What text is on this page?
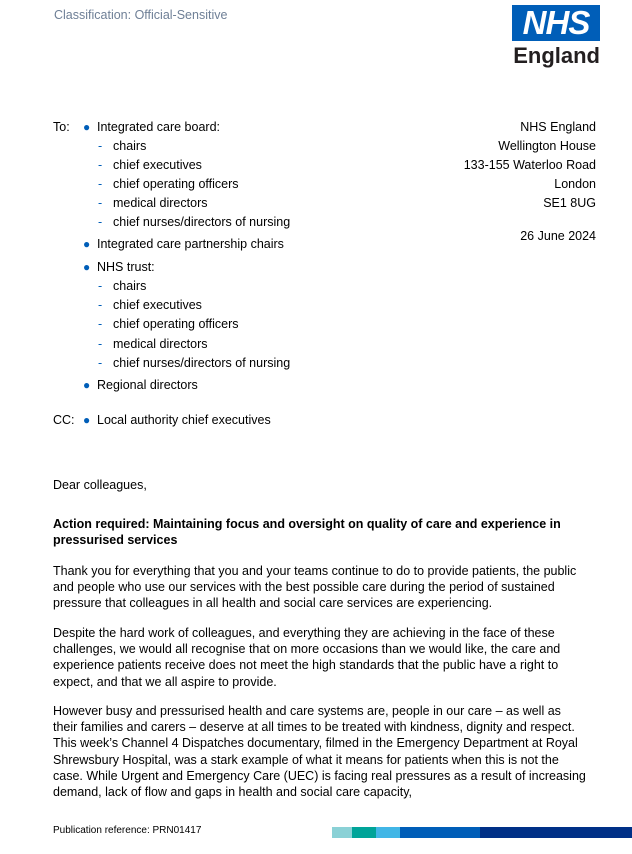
Classification: Official-Sensitive	NHS
England
To: ● Integrated care board:
- chairs
- chief executives
- chief operating officers
- medical directors
- chief nurses/directors of nursing
● Integrated care partnership chairs
● NHS trust:
- chairs
- chief executives
- chief operating officers
- medical directors
- chief nurses/directors of nursing
● Regional directors
CC: ● Local authority chief executives
NHS England
Wellington House
133-155 Waterloo Road
London
SE1 8UG
26 June 2024
Dear colleagues,
Action required: Maintaining focus and oversight on quality of care and experience in pressurised services
Thank you for everything that you and your teams continue to do to provide patients, the public and people who use our services with the best possible care during the period of sustained pressure that colleagues in all health and social care services are experiencing.
Despite the hard work of colleagues, and everything they are achieving in the face of these challenges, we would all recognise that on more occasions than we would like, the care and experience patients receive does not meet the high standards that the public have a right to expect, and that we all aspire to provide.
However busy and pressurised health and care systems are, people in our care – as well as their families and carers – deserve at all times to be treated with kindness, dignity and respect. This week’s Channel 4 Dispatches documentary, filmed in the Emergency Department at Royal Shrewsbury Hospital, was a stark example of what it means for patients when this is not the case. While Urgent and Emergency Care (UEC) is facing real pressures as a result of increasing demand, lack of flow and gaps in health and social care capacity,
Publication reference: PRN01417
